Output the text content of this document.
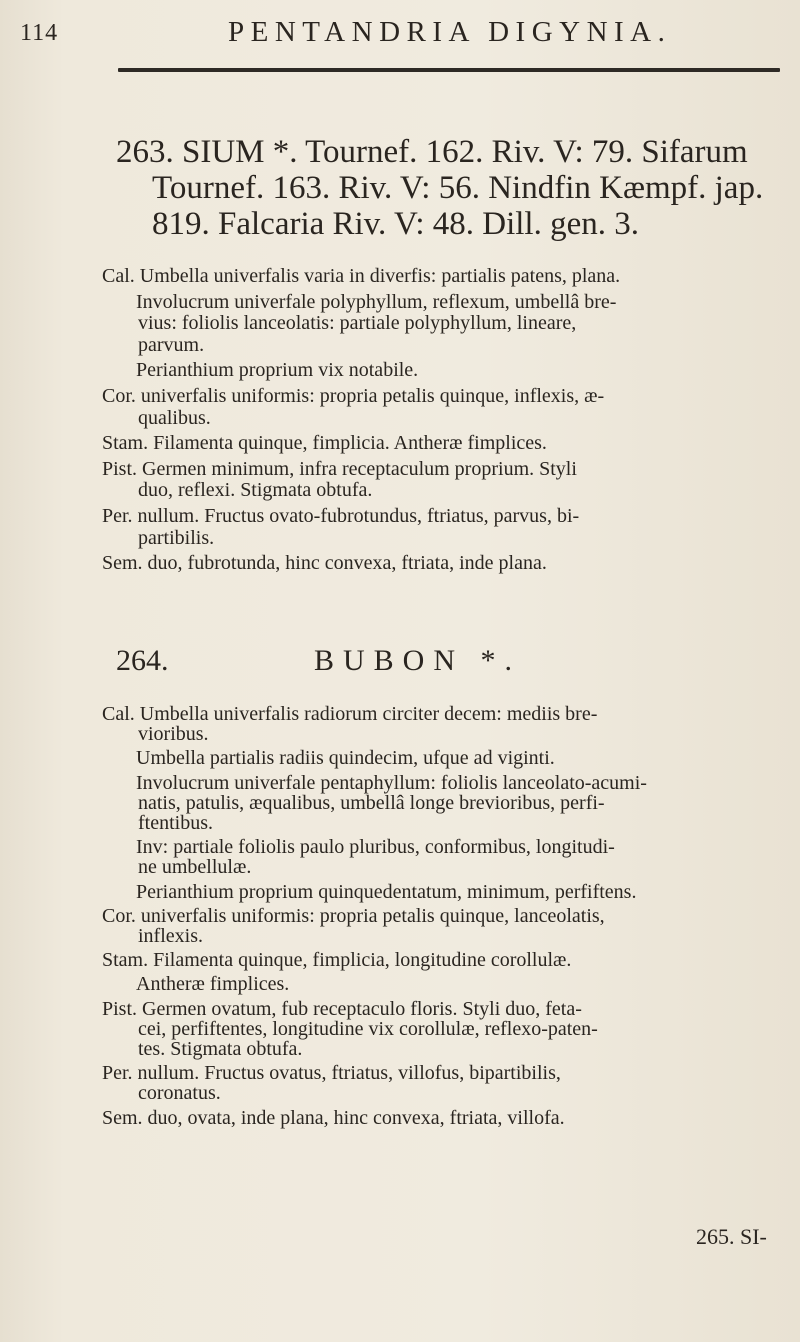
114	PENTANDRIA DIGYNIA.
263. SIUM *. Tournef. 162. Riv. V: 79. Sifarum
Tournef. 163. Riv. V: 56. Nindfin Kæmpf. jap.
819. Falcaria Riv. V: 48. Dill. gen. 3.
Cal. Umbella univerfalis varia in diverfis: partialis patens, plana.
Involucrum univerfale polyphyllum, reflexum, umbellâ bre-
vius: foliolis lanceolatis: partiale polyphyllum, lineare,
parvum.
Perianthium proprium vix notabile.
Cor. univerfalis uniformis: propria petalis quinque, inflexis, æ-
qualibus.
Stam. Filamenta quinque, fimplicia. Antheræ fimplices.
Pist. Germen minimum, infra receptaculum proprium. Styli
duo, reflexi. Stigmata obtufa.
Per. nullum. Fructus ovato-fubrotundus, ftriatus, parvus, bi-
partibilis.
Sem. duo, fubrotunda, hinc convexa, ftriata, inde plana.
264.	BUBON *.
Cal. Umbella univerfalis radiorum circiter decem: mediis bre-
vioribus.
Umbella partialis radiis quindecim, ufque ad viginti.
Involucrum univerfale pentaphyllum: foliolis lanceolato-acumi-
natis, patulis, æqualibus, umbellâ longe brevioribus, perfi-
ftentibus.
Inv: partiale foliolis paulo pluribus, conformibus, longitudi-
ne umbellulæ.
Perianthium proprium quinquedentatum, minimum, perfiftens.
Cor. univerfalis uniformis: propria petalis quinque, lanceolatis,
inflexis.
Stam. Filamenta quinque, fimplicia, longitudine corollulæ.
Antheræ fimplices.
Pist. Germen ovatum, fub receptaculo floris. Styli duo, feta-
cei, perfiftentes, longitudine vix corollulæ, reflexo-paten-
tes. Stigmata obtufa.
Per. nullum. Fructus ovatus, ftriatus, villofus, bipartibilis,
coronatus.
Sem. duo, ovata, inde plana, hinc convexa, ftriata, villofa.
265. SI-
